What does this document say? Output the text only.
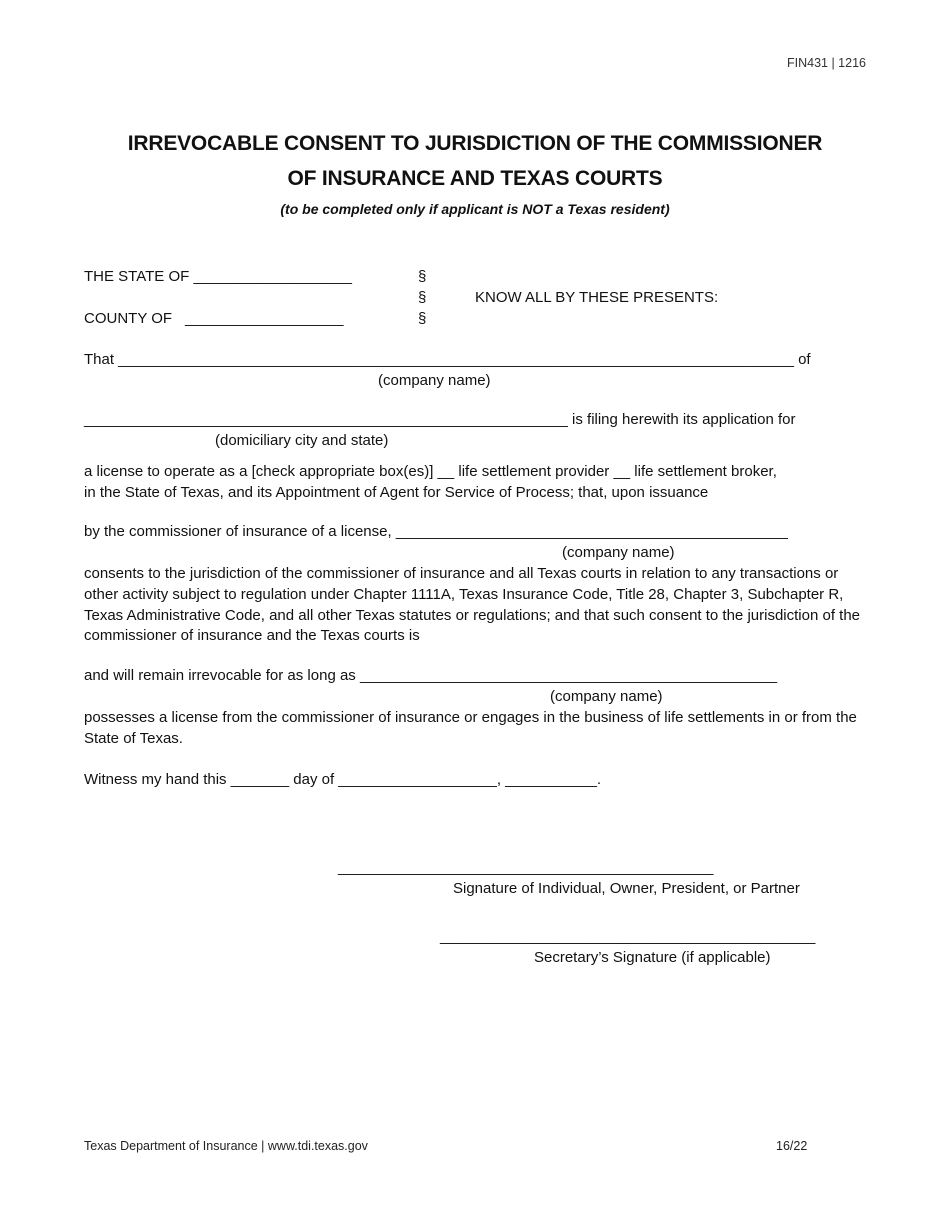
FIN431 | 1216
IRREVOCABLE CONSENT TO JURISDICTION OF THE COMMISSIONER
OF INSURANCE AND TEXAS COURTS
(to be completed only if applicant is NOT a Texas resident)
THE STATE OF ___________________
COUNTY OF ___________________
§
§
§
KNOW ALL BY THESE PRESENTS:
That _________________________________________________________________________________ of
(company name)
__________________________________________________________ is filing herewith its application for
(domiciliary city and state)
a license to operate as a [check appropriate box(es)] __ life settlement provider __ life settlement broker, in the State of Texas, and its Appointment of Agent for Service of Process; that, upon issuance
by the commissioner of insurance of a license, _______________________________________________
(company name)
consents to the jurisdiction of the commissioner of insurance and all Texas courts in relation to any transactions or other activity subject to regulation under Chapter 1111A, Texas Insurance Code, Title 28, Chapter 3, Subchapter R, Texas Administrative Code, and all other Texas statutes or regulations; and that such consent to the jurisdiction of the commissioner of insurance and the Texas courts is
and will remain irrevocable for as long as __________________________________________________
(company name)
possesses a license from the commissioner of insurance or engages in the business of life settlements in or from the State of Texas.
Witness my hand this _______ day of ___________________, ___________.
_____________________________________________
Signature of Individual, Owner, President, or Partner
_____________________________________________
Secretary’s Signature (if applicable)
Texas Department of Insurance | www.tdi.texas.gov	16/22
